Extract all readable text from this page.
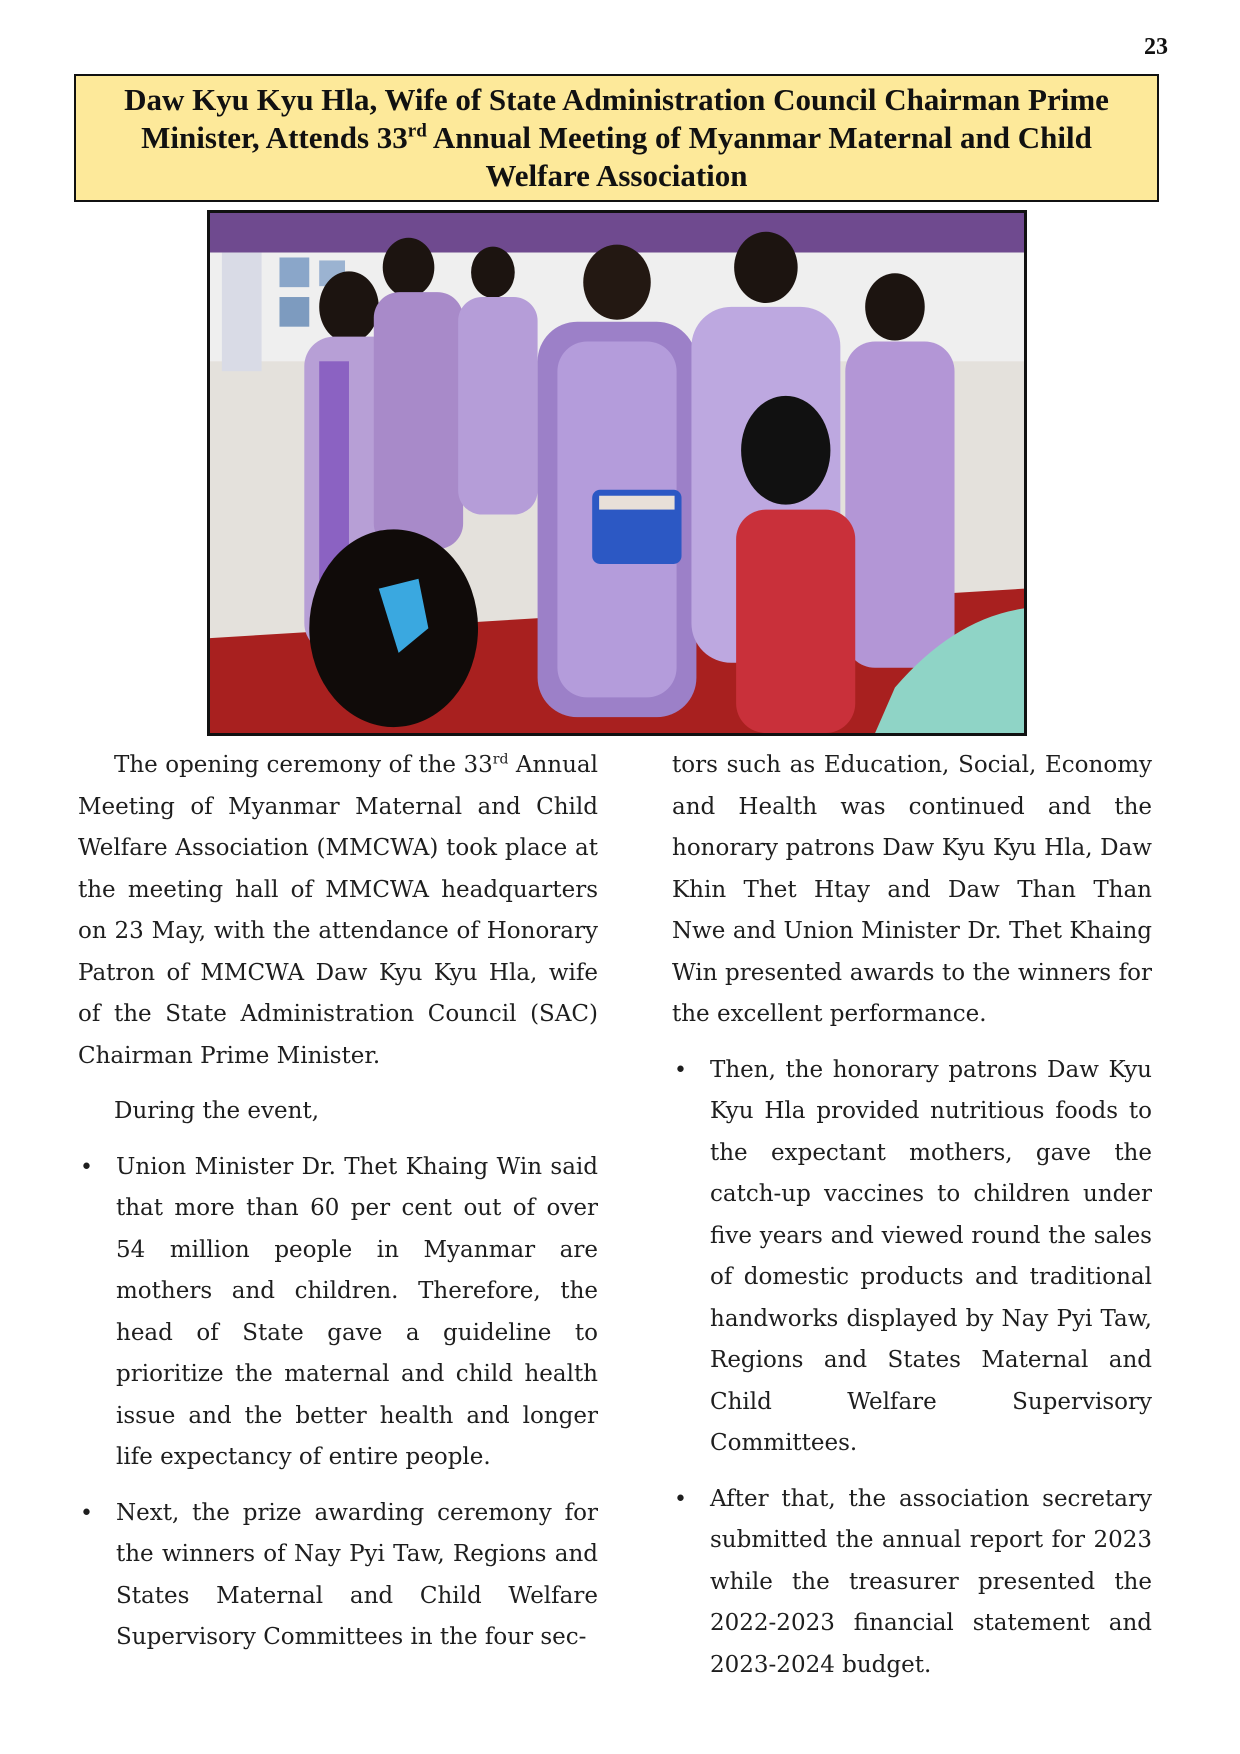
23
Daw Kyu Kyu Hla, Wife of State Administration Council Chairman Prime
Minister, Attends 33rd Annual Meeting of Myanmar Maternal and Child
Welfare Association

The opening ceremony of the 33rd Annual Meeting of Myanmar Maternal and Child Welfare Association (MMCWA) took place at the meeting hall of MMCWA headquarters on 23 May, with the attendance of Honorary Patron of MMCWA Daw Kyu Kyu Hla, wife of the State Administration Council (SAC) Chairman Prime Minister.

During the event,

• Union Minister Dr. Thet Khaing Win said that more than 60 per cent out of over 54 million people in Myanmar are mothers and children. Therefore, the head of State gave a guideline to prioritize the maternal and child health issue and the better health and longer life expectancy of entire people.
• Next, the prize awarding ceremony for the winners of Nay Pyi Taw, Regions and States Maternal and Child Welfare Supervisory Committees in the four sec-

tors such as Education, Social, Economy and Health was continued and the honorary patrons Daw Kyu Kyu Hla, Daw Khin Thet Htay and Daw Than Than Nwe and Union Minister Dr. Thet Khaing Win presented awards to the winners for the excellent performance.

• Then, the honorary patrons Daw Kyu Kyu Hla provided nutritious foods to the expectant mothers, gave the catch-up vaccines to children under five years and viewed round the sales of domestic products and traditional handworks displayed by Nay Pyi Taw, Regions and States Maternal and Child Welfare Supervisory Committees.
• After that, the association secretary submitted the annual report for 2023 while the treasurer presented the 2022-2023 financial statement and 2023-2024 budget.
